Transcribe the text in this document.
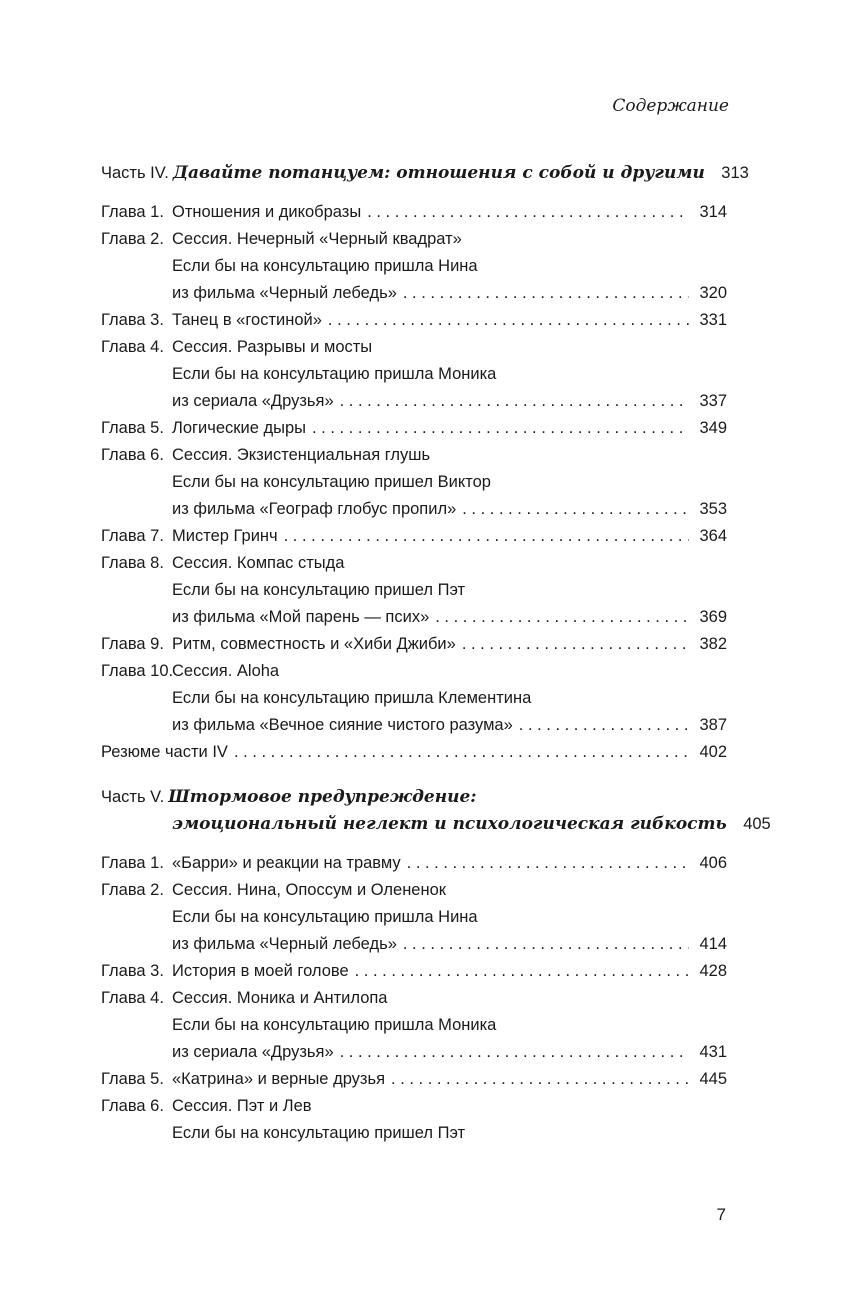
Содержание
Часть IV. Давайте потанцуем: отношения с собой и другими 313
Глава 1. Отношения и дикобразы . . .	314
Глава 2. Сессия. Нечерный «Черный квадрат»
Если бы на консультацию пришла Нина
из фильма «Черный лебедь» . . .	320
Глава 3. Танец в «гостиной» . . .	331
Глава 4. Сессия. Разрывы и мосты
Если бы на консультацию пришла Моника
из сериала «Друзья» . . .	337
Глава 5. Логические дыры . . .	349
Глава 6. Сессия. Экзистенциальная глушь
Если бы на консультацию пришел Виктор
из фильма «Географ глобус пропил» . . .	353
Глава 7. Мистер Гринч . . .	364
Глава 8. Сессия. Компас стыда
Если бы на консультацию пришел Пэт
из фильма «Мой парень — псих» . . .	369
Глава 9. Ритм, совместность и «Хиби Джиби» . . .	382
Глава 10.
Сессия. Aloha
Если бы на консультацию пришла Клементина
из фильма «Вечное сияние чистого разума» . . .	387
Резюме части IV . . .	402
Часть V. Штормовое предупреждение:
эмоциональный неглект и психологическая гибкость 405
Глава 1. «Барри» и реакции на травму . . .	406
Глава 2. Сессия. Нина, Опоссум и Олененок
Если бы на консультацию пришла Нина
из фильма «Черный лебедь» . . .	414
Глава 3. История в моей голове . . .	428
Глава 4. Сессия. Моника и Антилопа
Если бы на консультацию пришла Моника
из сериала «Друзья» . . .	431
Глава 5. «Катрина» и верные друзья . . .	445
Глава 6. Сессия. Пэт и Лев
Если бы на консультацию пришел Пэт
7
